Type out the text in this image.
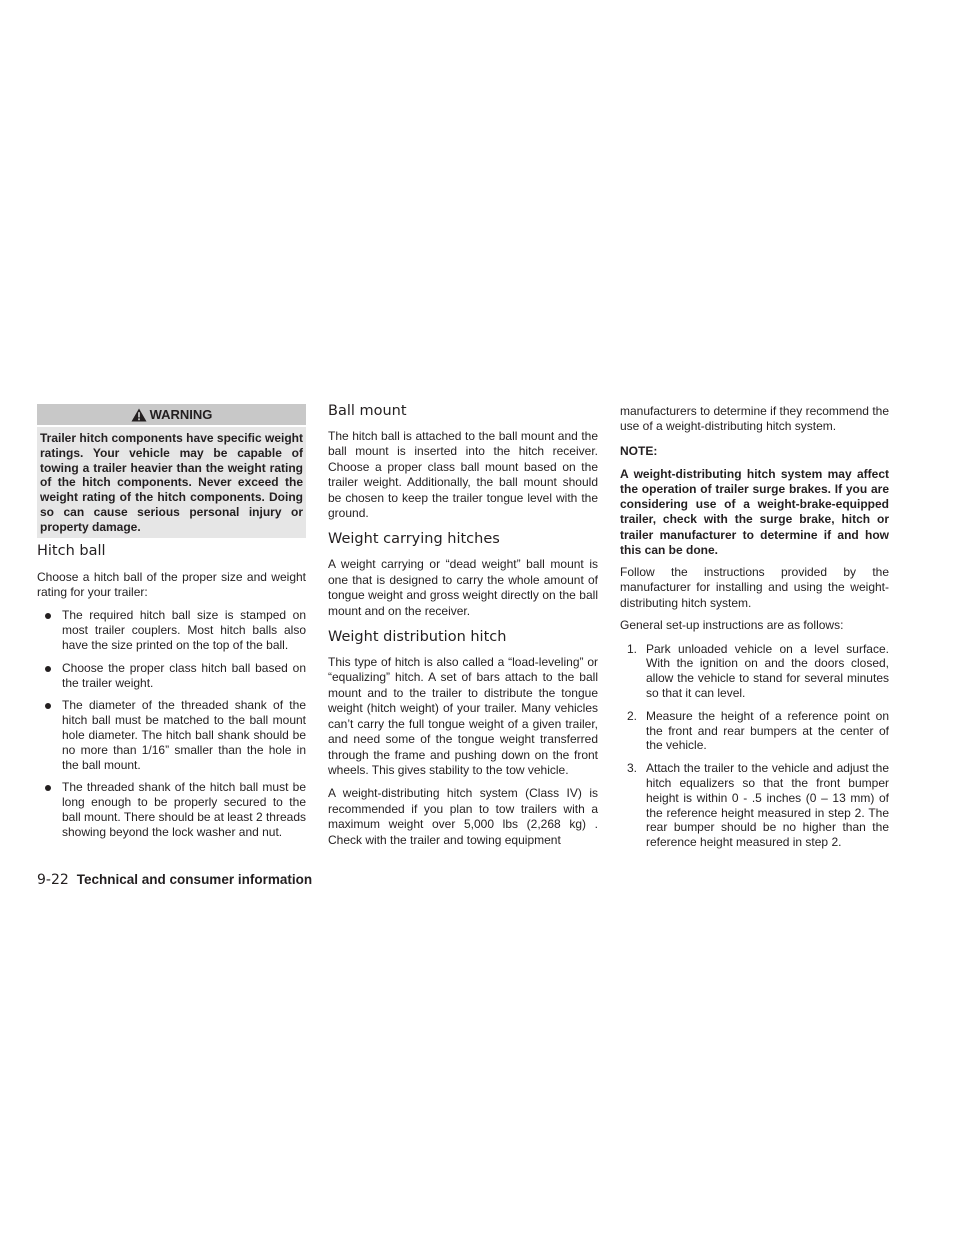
WARNING
Trailer hitch components have specific weight ratings. Your vehicle may be capable of towing a trailer heavier than the weight rating of the hitch components. Never exceed the weight rating of the hitch components. Doing so can cause serious personal injury or property damage.
Hitch ball

Choose a hitch ball of the proper size and weight rating for your trailer:

The required hitch ball size is stamped on most trailer couplers. Most hitch balls also have the size printed on the top of the ball.
Choose the proper class hitch ball based on the trailer weight.
The diameter of the threaded shank of the hitch ball must be matched to the ball mount hole diameter. The hitch ball shank should be no more than 1/16” smaller than the hole in the ball mount.
The threaded shank of the hitch ball must be long enough to be properly secured to the ball mount. There should be at least 2 threads showing beyond the lock washer and nut.
Ball mount

The hitch ball is attached to the ball mount and the ball mount is inserted into the hitch receiver. Choose a proper class ball mount based on the trailer weight. Additionally, the ball mount should be chosen to keep the trailer tongue level with the ground.

Weight carrying hitches

A weight carrying or “dead weight” ball mount is one that is designed to carry the whole amount of tongue weight and gross weight directly on the ball mount and on the receiver.

Weight distribution hitch

This type of hitch is also called a “load-leveling” or “equalizing” hitch. A set of bars attach to the ball mount and to the trailer to distribute the tongue weight (hitch weight) of your trailer. Many vehicles can’t carry the full tongue weight of a given trailer, and need some of the tongue weight transferred through the frame and pushing down on the front wheels. This gives stability to the tow vehicle.

A weight-distributing hitch system (Class IV) is recommended if you plan to tow trailers with a maximum weight over 5,000 lbs (2,268 kg) . Check with the trailer and towing equipment

manufacturers to determine if they recommend the use of a weight-distributing hitch system.

NOTE:
A weight-distributing hitch system may affect the operation of trailer surge brakes. If you are considering use of a weight-brake-equipped trailer, check with the surge brake, hitch or trailer manufacturer to determine if and how this can be done.

Follow the instructions provided by the manufacturer for installing and using the weight-distributing hitch system.

General set-up instructions are as follows:

1. Park unloaded vehicle on a level surface. With the ignition on and the doors closed, allow the vehicle to stand for several minutes so that it can level.
2. Measure the height of a reference point on the front and rear bumpers at the center of the vehicle.
3. Attach the trailer to the vehicle and adjust the hitch equalizers so that the front bumper height is within 0 - .5 inches (0 – 13 mm) of the reference height measured in step 2. The rear bumper should be no higher than the reference height measured in step 2.
9-22 Technical and consumer information
